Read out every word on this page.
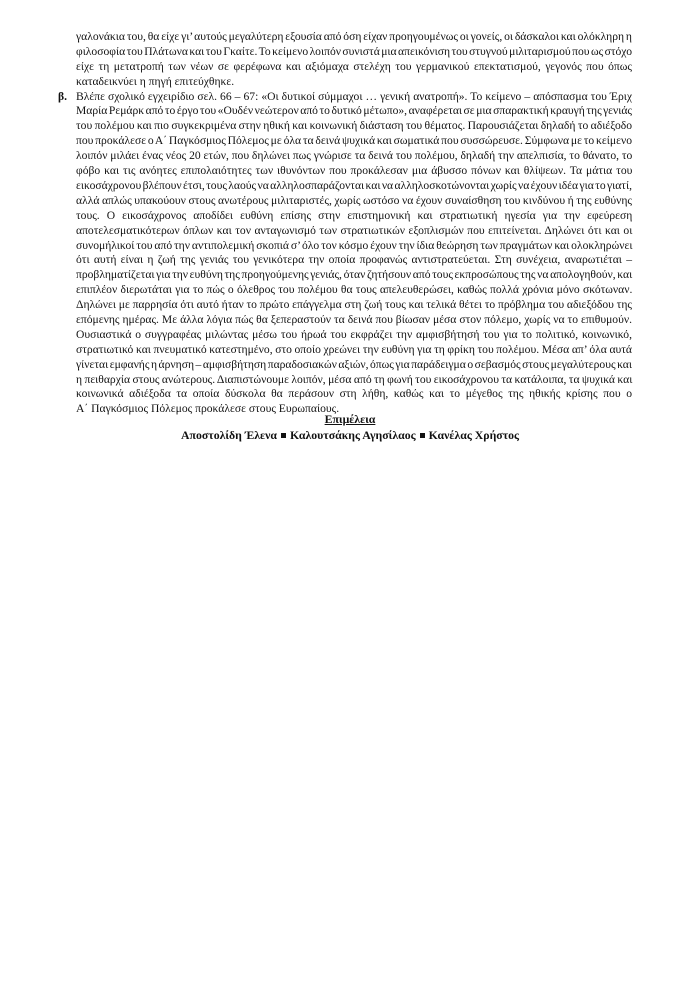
γαλονάκια του, θα είχε γι’ αυτούς μεγαλύτερη εξουσία από όση είχαν προηγουμένως οι γονείς, οι δάσκαλοι και ολόκληρη η
φιλοσοφία του Πλάτωνα και του Γκαίτε. Το κείμενο λοιπόν συνιστά μια απεικόνιση του στυγνού μιλιταρισμού που ως στόχο
είχε τη μετατροπή των νέων σε φερέφωνα και αξιόμαχα στελέχη του γερμανικού επεκτατισμού, γεγονός που όπως
καταδεικνύει η πηγή επιτεύχθηκε.
β. Βλέπε σχολικό εγχειρίδιο σελ. 66 – 67: «Οι δυτικοί σύμμαχοι … γενική ανατροπή». Το κείμενο – απόσπασμα του Έριχ
Μαρία Ρεμάρκ από το έργο του «Ουδέν νεώτερον από το δυτικό μέτωπο», αναφέρεται σε μια σπαρακτική κραυγή της γενιάς
του πολέμου και πιο συγκεκριμένα στην ηθική και κοινωνική διάσταση του θέματος. Παρουσιάζεται δηλαδή το αδιέξοδο
που προκάλεσε ο Α΄ Παγκόσμιος Πόλεμος με όλα τα δεινά ψυχικά και σωματικά που συσσώρευσε. Σύμφωνα με το κείμενο
λοιπόν μιλάει ένας νέος 20 ετών, που δηλώνει πως γνώρισε τα δεινά του πολέμου, δηλαδή την απελπισία, το θάνατο, το
φόβο και τις ανόητες επιπολαιότητες των ιθυνόντων που προκάλεσαν μια άβυσσο πόνων και θλίψεων. Τα μάτια του
εικοσάχρονου βλέπουν έτσι, τους λαούς να αλληλοσπαράζονται και να αλληλοσκοτώνονται χωρίς να έχουν ιδέα για το γιατί,
αλλά απλώς υπακούουν στους ανωτέρους μιλιταριστές, χωρίς ωστόσο να έχουν συναίσθηση του κινδύνου ή της ευθύνης
τους. Ο εικοσάχρονος αποδίδει ευθύνη επίσης στην επιστημονική και στρατιωτική ηγεσία για την εφεύρεση
αποτελεσματικότερων όπλων και τον ανταγωνισμό των στρατιωτικών εξοπλισμών που επιτείνεται. Δηλώνει ότι και οι
συνομήλικοί του από την αντιπολεμική σκοπιά σ’ όλο τον κόσμο έχουν την ίδια θεώρηση των πραγμάτων και ολοκληρώνει
ότι αυτή είναι η ζωή της γενιάς του γενικότερα την οποία προφανώς αντιστρατεύεται. Στη συνέχεια, αναρωτιέται –
προβληματίζεται για την ευθύνη της προηγούμενης γενιάς, όταν ζητήσουν από τους εκπροσώπους της να απολογηθούν, και
επιπλέον διερωτάται για το πώς ο όλεθρος του πολέμου θα τους απελευθερώσει, καθώς πολλά χρόνια μόνο σκότωναν.
Δηλώνει με παρρησία ότι αυτό ήταν το πρώτο επάγγελμα στη ζωή τους και τελικά θέτει το πρόβλημα του αδιεξόδου της
επόμενης ημέρας. Με άλλα λόγια πώς θα ξεπεραστούν τα δεινά που βίωσαν μέσα στον πόλεμο, χωρίς να το επιθυμούν.
Ουσιαστικά ο συγγραφέας μιλώντας μέσω του ήρωά του εκφράζει την αμφισβήτησή του για το πολιτικό, κοινωνικό,
στρατιωτικό και πνευματικό κατεστημένο, στο οποίο χρεώνει την ευθύνη για τη φρίκη του πολέμου. Μέσα απ’ όλα αυτά
γίνεται εμφανής η άρνηση – αμφισβήτηση παραδοσιακών αξιών, όπως για παράδειγμα ο σεβασμός στους μεγαλύτερους και
η πειθαρχία στους ανώτερους. Διαπιστώνουμε λοιπόν, μέσα από τη φωνή του εικοσάχρονου τα κατάλοιπα, τα ψυχικά και
κοινωνικά αδιέξοδα τα οποία δύσκολα θα περάσουν στη λήθη, καθώς και το μέγεθος της ηθικής κρίσης που ο
Α΄ Παγκόσμιος Πόλεμος προκάλεσε στους Ευρωπαίους.
Επιμέλεια
Αποστολίδη Έλενα Καλουτσάκης Αγησίλαος Κανέλας Χρήστος
